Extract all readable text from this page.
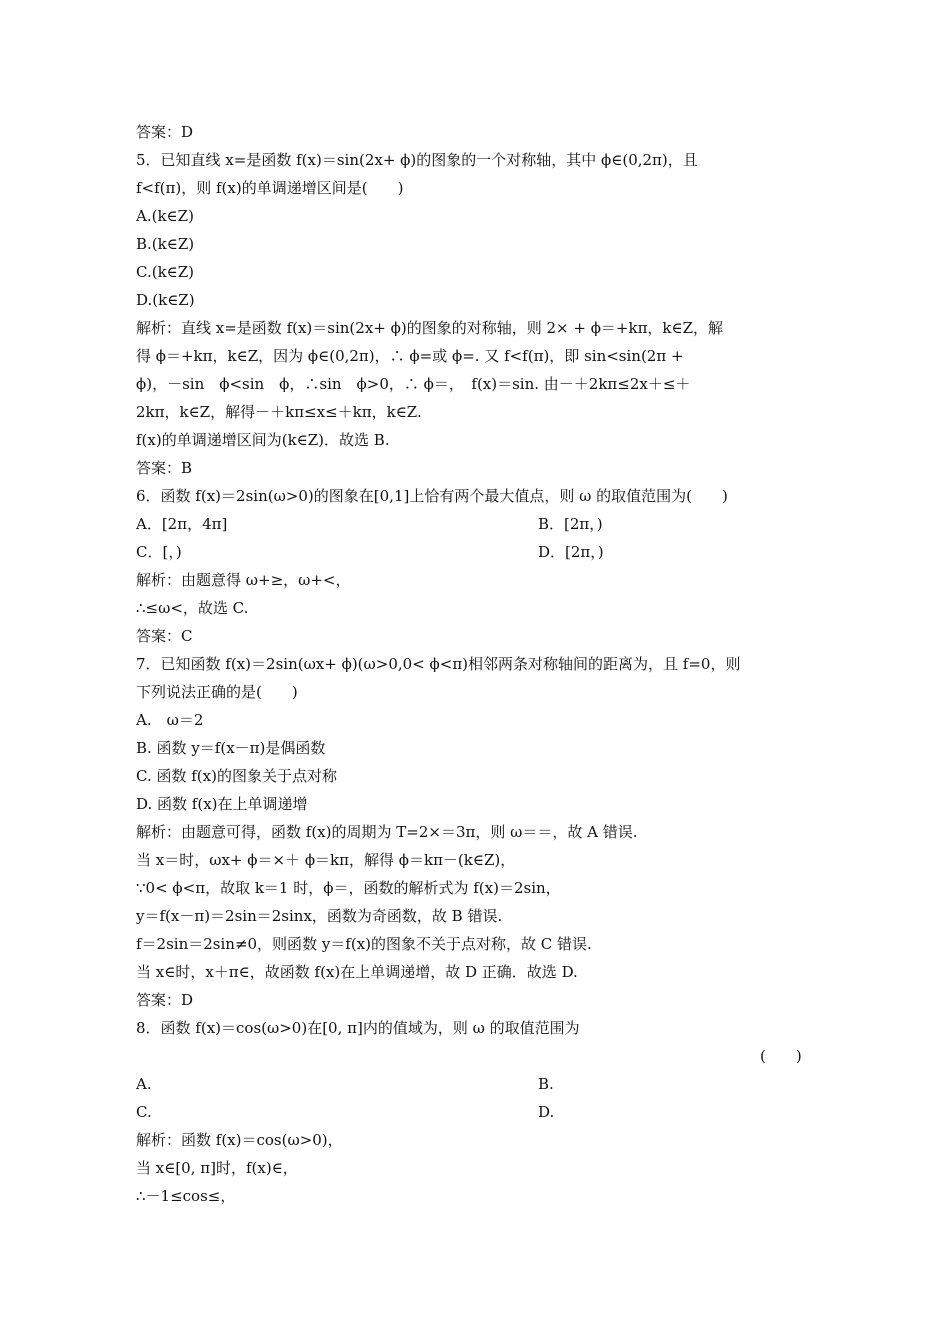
答案：D
5．已知直线 x=是函数 f(x)＝sin(2x+ ϕ)的图象的一个对称轴，其中 ϕ∈(0,2π)，且
f<f(π)，则 f(x)的单调递增区间是(　　)
A.(k∈Z)
B.(k∈Z)
C.(k∈Z)
D.(k∈Z)
解析：直线 x=是函数 f(x)＝sin(2x+ ϕ)的图象的对称轴，则 2× + ϕ＝+kπ，k∈Z，解
得 ϕ＝+kπ，k∈Z，因为 ϕ∈(0,2π)，∴ ϕ=或 ϕ=. 又 f<f(π)，即 sin<sin(2π +
ϕ)，－sin　ϕ<sin　ϕ，∴sin　ϕ>0，∴ ϕ＝，　f(x)＝sin. 由－＋2kπ≤2x＋≤＋
2kπ，k∈Z，解得－＋kπ≤x≤＋kπ，k∈Z.
f(x)的单调递增区间为(k∈Z)．故选 B.
答案：B
6．函数 f(x)＝2sin(ω>0)的图象在[0,1]上恰有两个最大值点，则 ω 的取值范围为(　　)
A．[2π，4π]	B．[2π，)
C．[，)	D．[2π，)
解析：由题意得 ω+≥，ω+<，
∴≤ω<，故选 C.
答案：C
7．已知函数 f(x)＝2sin(ωx+ ϕ)(ω>0,0< ϕ<π)相邻两条对称轴间的距离为，且 f=0，则
下列说法正确的是(　　)
A.　ω＝2
B. 函数 y＝f(x－π)是偶函数
C. 函数 f(x)的图象关于点对称
D. 函数 f(x)在上单调递增
解析：由题意可得，函数 f(x)的周期为 T=2×＝3π，则 ω＝＝，故 A 错误.
当 x＝时，ωx+ ϕ＝×＋ ϕ＝kπ，解得 ϕ＝kπ－(k∈Z)，
∵0< ϕ<π，故取 k＝1 时，ϕ＝，函数的解析式为 f(x)＝2sin，
y＝f(x－π)＝2sin＝2sinx，函数为奇函数，故 B 错误.
f＝2sin＝2sin≠0，则函数 y＝f(x)的图象不关于点对称，故 C 错误.
当 x∈时，x＋π∈，故函数 f(x)在上单调递增，故 D 正确．故选 D.
答案：D
8．函数 f(x)＝cos(ω>0)在[0, π]内的值域为，则 ω 的取值范围为
(　　)
A.	B.
C.	D.
解析：函数 f(x)＝cos(ω>0)，
当 x∈[0, π]时，f(x)∈，
∴－1≤cos≤，
